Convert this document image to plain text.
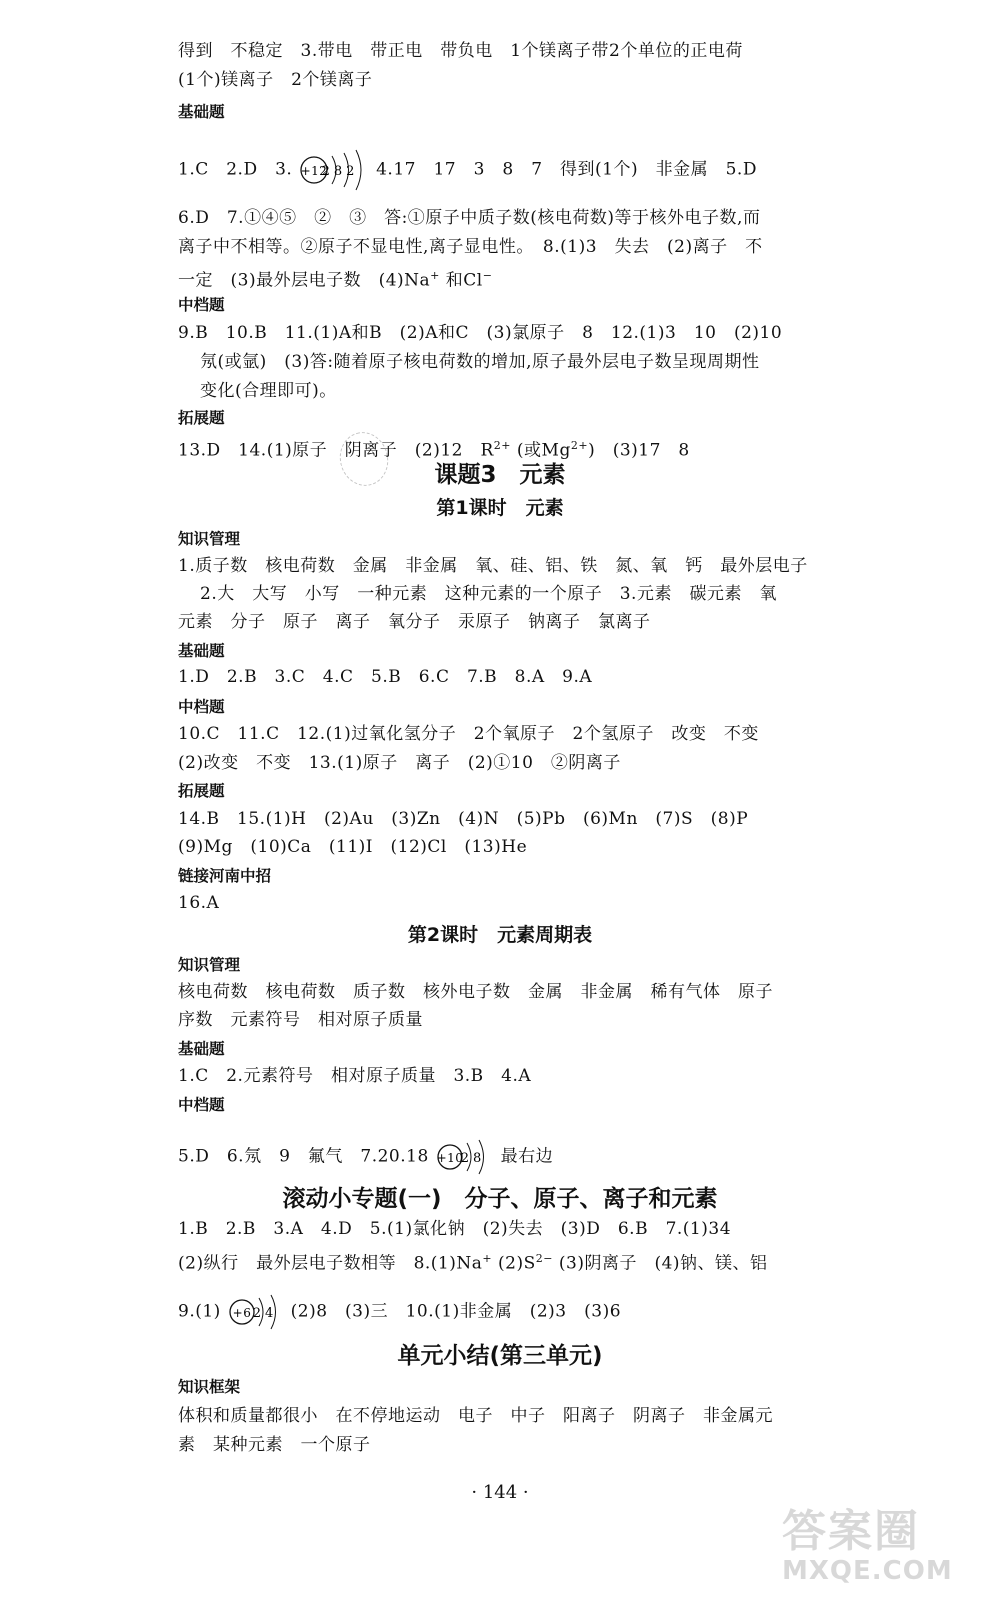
得到　不稳定　3.带电　带正电　带负电　1个镁离子带2个单位的正电荷
(1个)镁离子　2个镁离子
基础题
1.C　2.D　3. +12
282 4.17　17　3　8　7　得到(1个)　非金属　5.D
6.D　7.①④⑤　②　③　答:①原子中质子数(核电荷数)等于核外电子数,而
离子中不相等。②原子不显电性,离子显电性。　8.(1)3　失去　(2)离子　不
一定　(3)最外层电子数　(4)Na+ 和Cl−
中档题
9.B　10.B　11.(1)A和B　(2)A和C　(3)氯原子　8　12.(1)3　10　(2)10
氖(或氩)　(3)答:随着原子核电荷数的增加,原子最外层电子数呈现周期性
变化(合理即可)。
拓展题
13.D　14.(1)原子　阴离子　(2)12　$R^{2+}$ (或$Mg^{2+}$)　(3)17　8
课题3　元素
第1课时　元素
知识管理
1.质子数　核电荷数　金属　非金属　氧、硅、铝、铁　氮、氧　钙　最外层电子
2.大　大写　小写　一种元素　这种元素的一个原子　3.元素　碳元素　氧
元素　分子　原子　离子　氧分子　汞原子　钠离子　氯离子
基础题
1.D　2.B　3.C　4.C　5.B　6.C　7.B　8.A　9.A
中档题
10.C　11.C　12.(1)过氧化氢分子　2个氧原子　2个氢原子　改变　不变
(2)改变　不变　13.(1)原子　离子　(2)①10　②阴离子
拓展题
14.B　15.(1)H　(2)Au　(3)Zn　(4)N　(5)Pb　(6)Mn　(7)S　(8)P
(9)Mg　(10)Ca　(11)I　(12)Cl　(13)He
链接河南中招
16.A
第2课时　元素周期表
知识管理
核电荷数　核电荷数　质子数　核外电子数　金属　非金属　稀有气体　原子
序数　元素符号　相对原子质量
基础题
1.C　2.元素符号　相对原子质量　3.B　4.A
中档题
5.D　6.氖　9　氟气　7.20.18 +10
28 最右边
滚动小专题(一)　分子、原子、离子和元素
1.B　2.B　3.A　4.D　5.(1)氯化钠　(2)失去　(3)D　6.B　7.(1)34
(2)纵行　最外层电子数相等　8.(1)Na+ $(2)S^{2-}$ (3)阴离子　(4)钠、镁、铝
9.(1) +6 24 (2)8　(3)三　10.(1)非金属　(2)3　(3)6
单元小结(第三单元)
知识框架
体积和质量都很小　在不停地运动　电子　中子　阳离子　阴离子　非金属元
素　某种元素　一个原子
· 144 ·
答案圈
MXQE.COM
